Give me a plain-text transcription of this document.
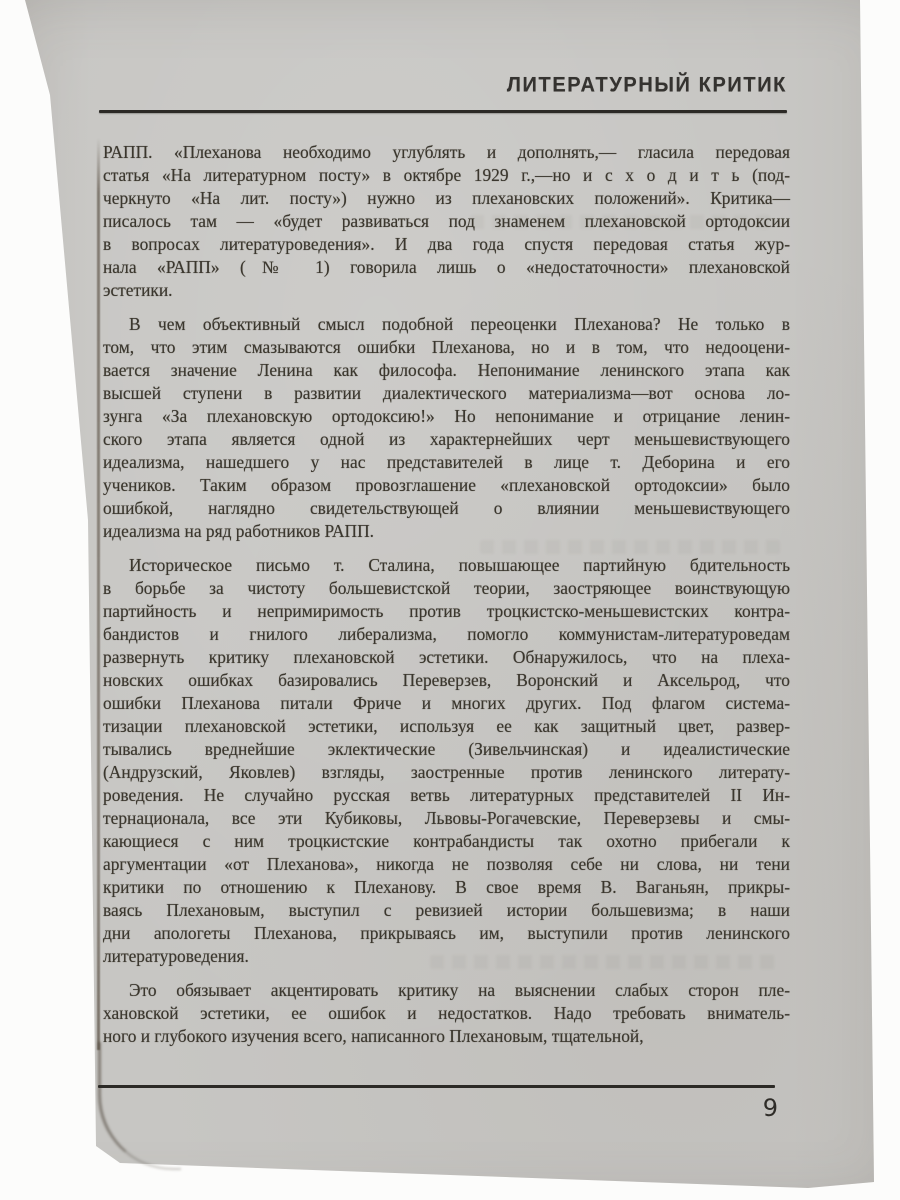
ЛИТЕРАТУРНЫЙ КРИТИК
РАПП. «Плеханова необходимо углублять и дополнять,— гласила передовая
статья «На литературном посту» в октябре 1929 г.,—но и с х о д и т ь (под-
черкнуто «На лит. посту») нужно из плехановских положений». Критика—
писалось там — «будет развиваться под знаменем плехановской ортодоксии
в вопросах литературоведения». И два года спустя передовая статья жур-
нала «РАПП» (№ 1) говорила лишь о «недостаточности» плехановской
эстетики.
В чем объективный смысл подобной переоценки Плеханова? Не только в
том, что этим смазываются ошибки Плеханова, но и в том, что недооцени-
вается значение Ленина как философа. Непонимание ленинского этапа как
высшей ступени в развитии диалектического материализма—вот основа ло-
зунга «За плехановскую ортодоксию!» Но непонимание и отрицание ленин-
ского этапа является одной из характернейших черт меньшевиствующего
идеализма, нашедшего у нас представителей в лице т. Деборина и его
учеников. Таким образом провозглашение «плехановской ортодоксии» было
ошибкой, наглядно свидетельствующей о влиянии меньшевиствующего
идеализма на ряд работников РАПП.
Историческое письмо т. Сталина, повышающее партийную бдительность
в борьбе за чистоту большевистской теории, заостряющее воинствующую
партийность и непримиримость против троцкистско-меньшевистских контра-
бандистов и гнилого либерализма, помогло коммунистам-литературоведам
развернуть критику плехановской эстетики. Обнаружилось, что на плеха-
новских ошибках базировались Переверзев, Воронский и Аксельрод, что
ошибки Плеханова питали Фриче и многих других. Под флагом система-
тизации плехановской эстетики, используя ее как защитный цвет, развер-
тывались вреднейшие эклектические (Зивельчинская) и идеалистические
(Андрузский, Яковлев) взгляды, заостренные против ленинского литерату-
роведения. Не случайно русская ветвь литературных представителей II Ин-
тернационала, все эти Кубиковы, Львовы-Рогачевские, Переверзевы и смы-
кающиеся с ним троцкистские контрабандисты так охотно прибегали к
аргументации «от Плеханова», никогда не позволяя себе ни слова, ни тени
критики по отношению к Плеханову. В свое время В. Ваганьян, прикры-
ваясь Плехановым, выступил с ревизией истории большевизма; в наши
дни апологеты Плеханова, прикрываясь им, выступили против ленинского
литературоведения.
Это обязывает акцентировать критику на выяснении слабых сторон пле-
хановской эстетики, ее ошибок и недостатков. Надо требовать вниматель-
ного и глубокого изучения всего, написанного Плехановым, тщательной,
9
